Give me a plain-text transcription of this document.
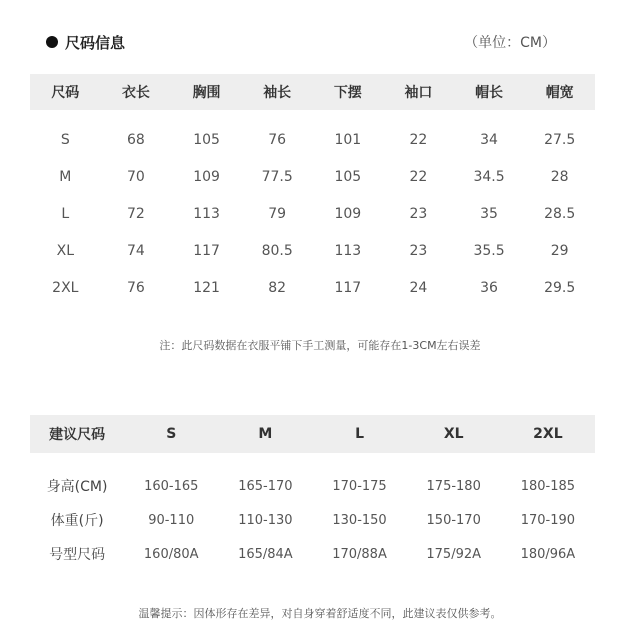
尺码信息	（单位：CM）
尺码	衣长	胸围	袖长	下摆	袖口	帽长	帽宽
S	68	105	76	101	22	34	27.5
M	70	109	77.5	105	22	34.5	28
L	72	113	79	109	23	35	28.5
XL	74	117	80.5	113	23	35.5	29
2XL	76	121	82	117	24	36	29.5
注：此尺码数据在衣服平铺下手工测量，可能存在1-3CM左右误差
建议尺码	S	M	L	XL	2XL
身高(CM)	160-165	165-170	170-175	175-180	180-185
体重(斤)	90-110	110-130	130-150	150-170	170-190
号型尺码	160/80A	165/84A	170/88A	175/92A	180/96A
温馨提示：因体形存在差异，对自身穿着舒适度不同，此建议表仅供参考。
